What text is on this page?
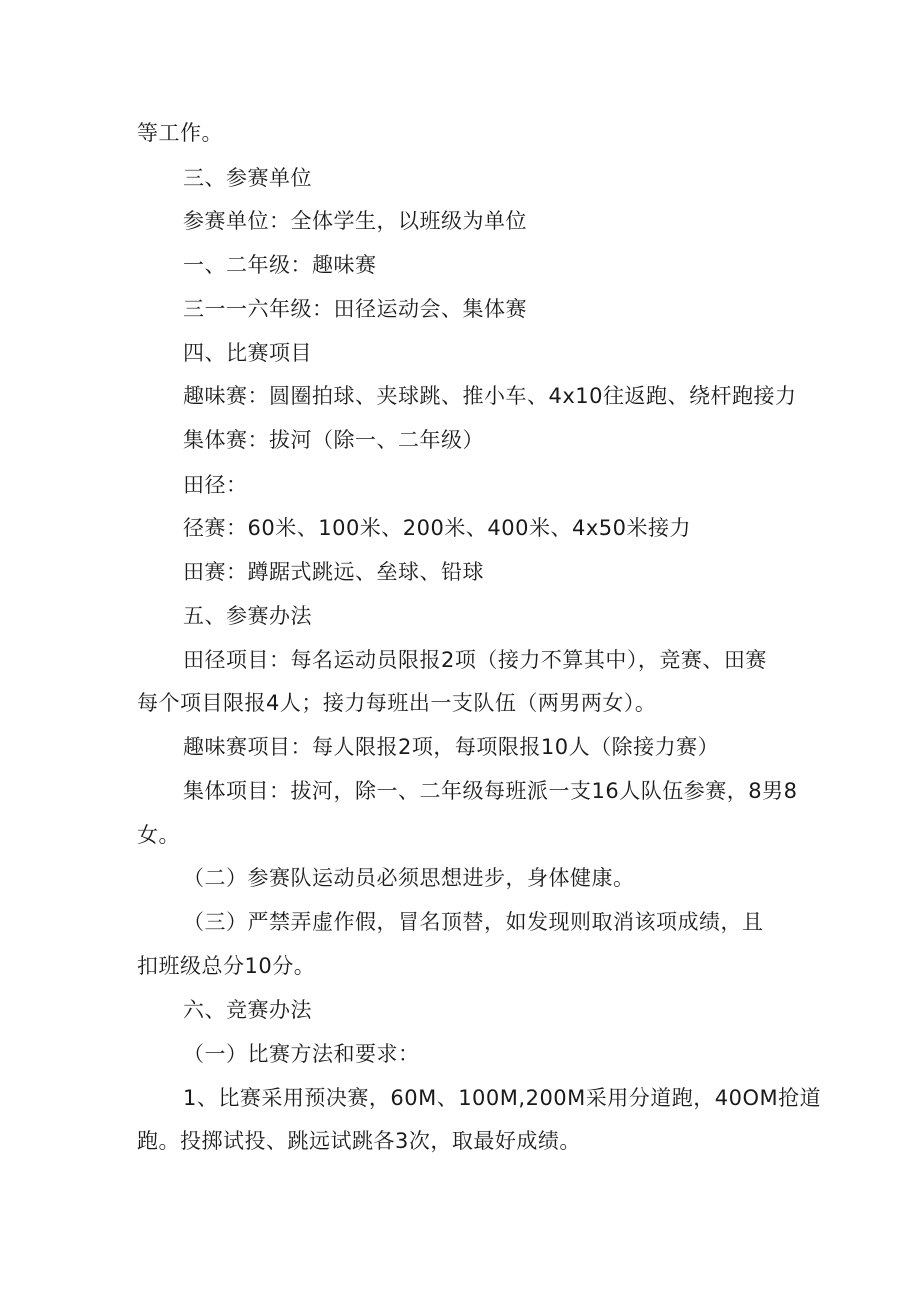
等工作。

三、参赛单位

参赛单位：全体学生，以班级为单位

一、二年级：趣味赛

三一一六年级：田径运动会、集体赛

四、比赛项目

趣味赛：圆圈拍球、夹球跳、推小车、4x10往返跑、绕杆跑接力

集体赛：拔河（除一、二年级）

田径：

径赛：60米、100米、200米、400米、4x50米接力

田赛：蹲踞式跳远、垒球、铅球

五、参赛办法

田径项目：每名运动员限报2项（接力不算其中），竞赛、田赛

每个项目限报4人；接力每班出一支队伍（两男两女）。

趣味赛项目：每人限报2项，每项限报10人（除接力赛）

集体项目：拔河，除一、二年级每班派一支16人队伍参赛，8男8

女。

（二）参赛队运动员必须思想进步，身体健康。

（三）严禁弄虚作假，冒名顶替，如发现则取消该项成绩，且

扣班级总分10分。

六、竞赛办法

（一）比赛方法和要求：

1、比赛采用预决赛，60M、100M,200M采用分道跑，40OM抢道

跑。投掷试投、跳远试跳各3次，取最好成绩。
